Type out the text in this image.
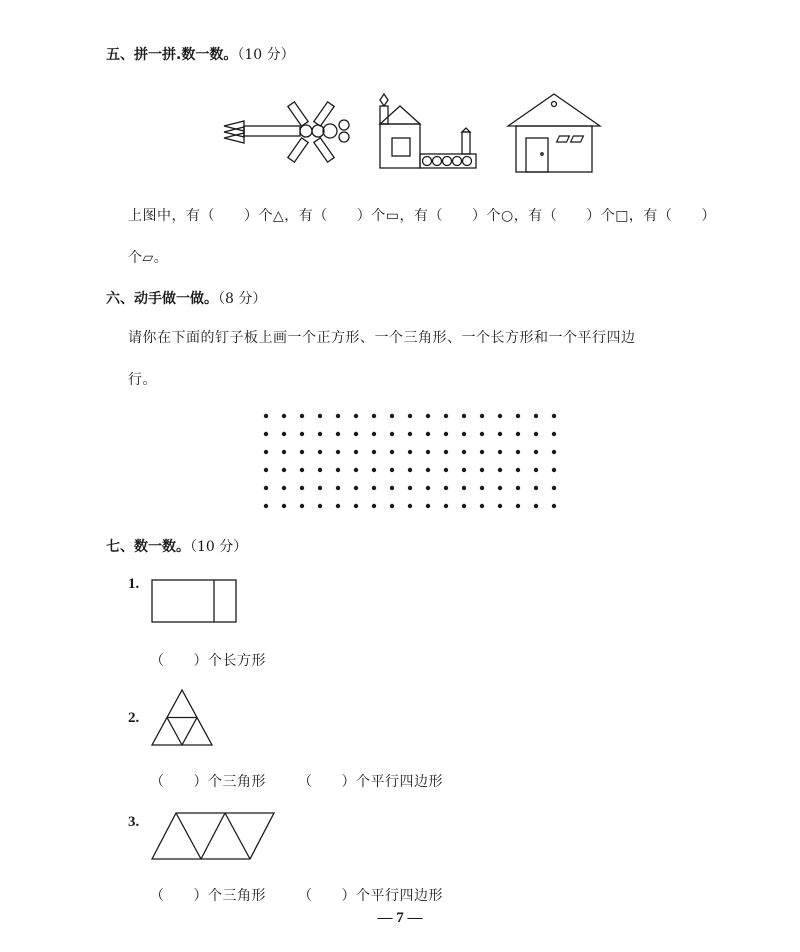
五、拼一拼.数一数。（10 分）
上图中，有（　　）个△，有（　　）个▭，有（　　）个○，有（　　）个□，有（　　）
个▱。
六、动手做一做。（8 分）
请你在下面的钉子板上画一个正方形、一个三角形、一个长方形和一个平行四边
行。
七、数一数。（10 分）
1.
（　　）个长方形
2.
（　　）个三角形 （　　）个平行四边形
3.
（　　）个三角形 （　　）个平行四边形
— 7 —
